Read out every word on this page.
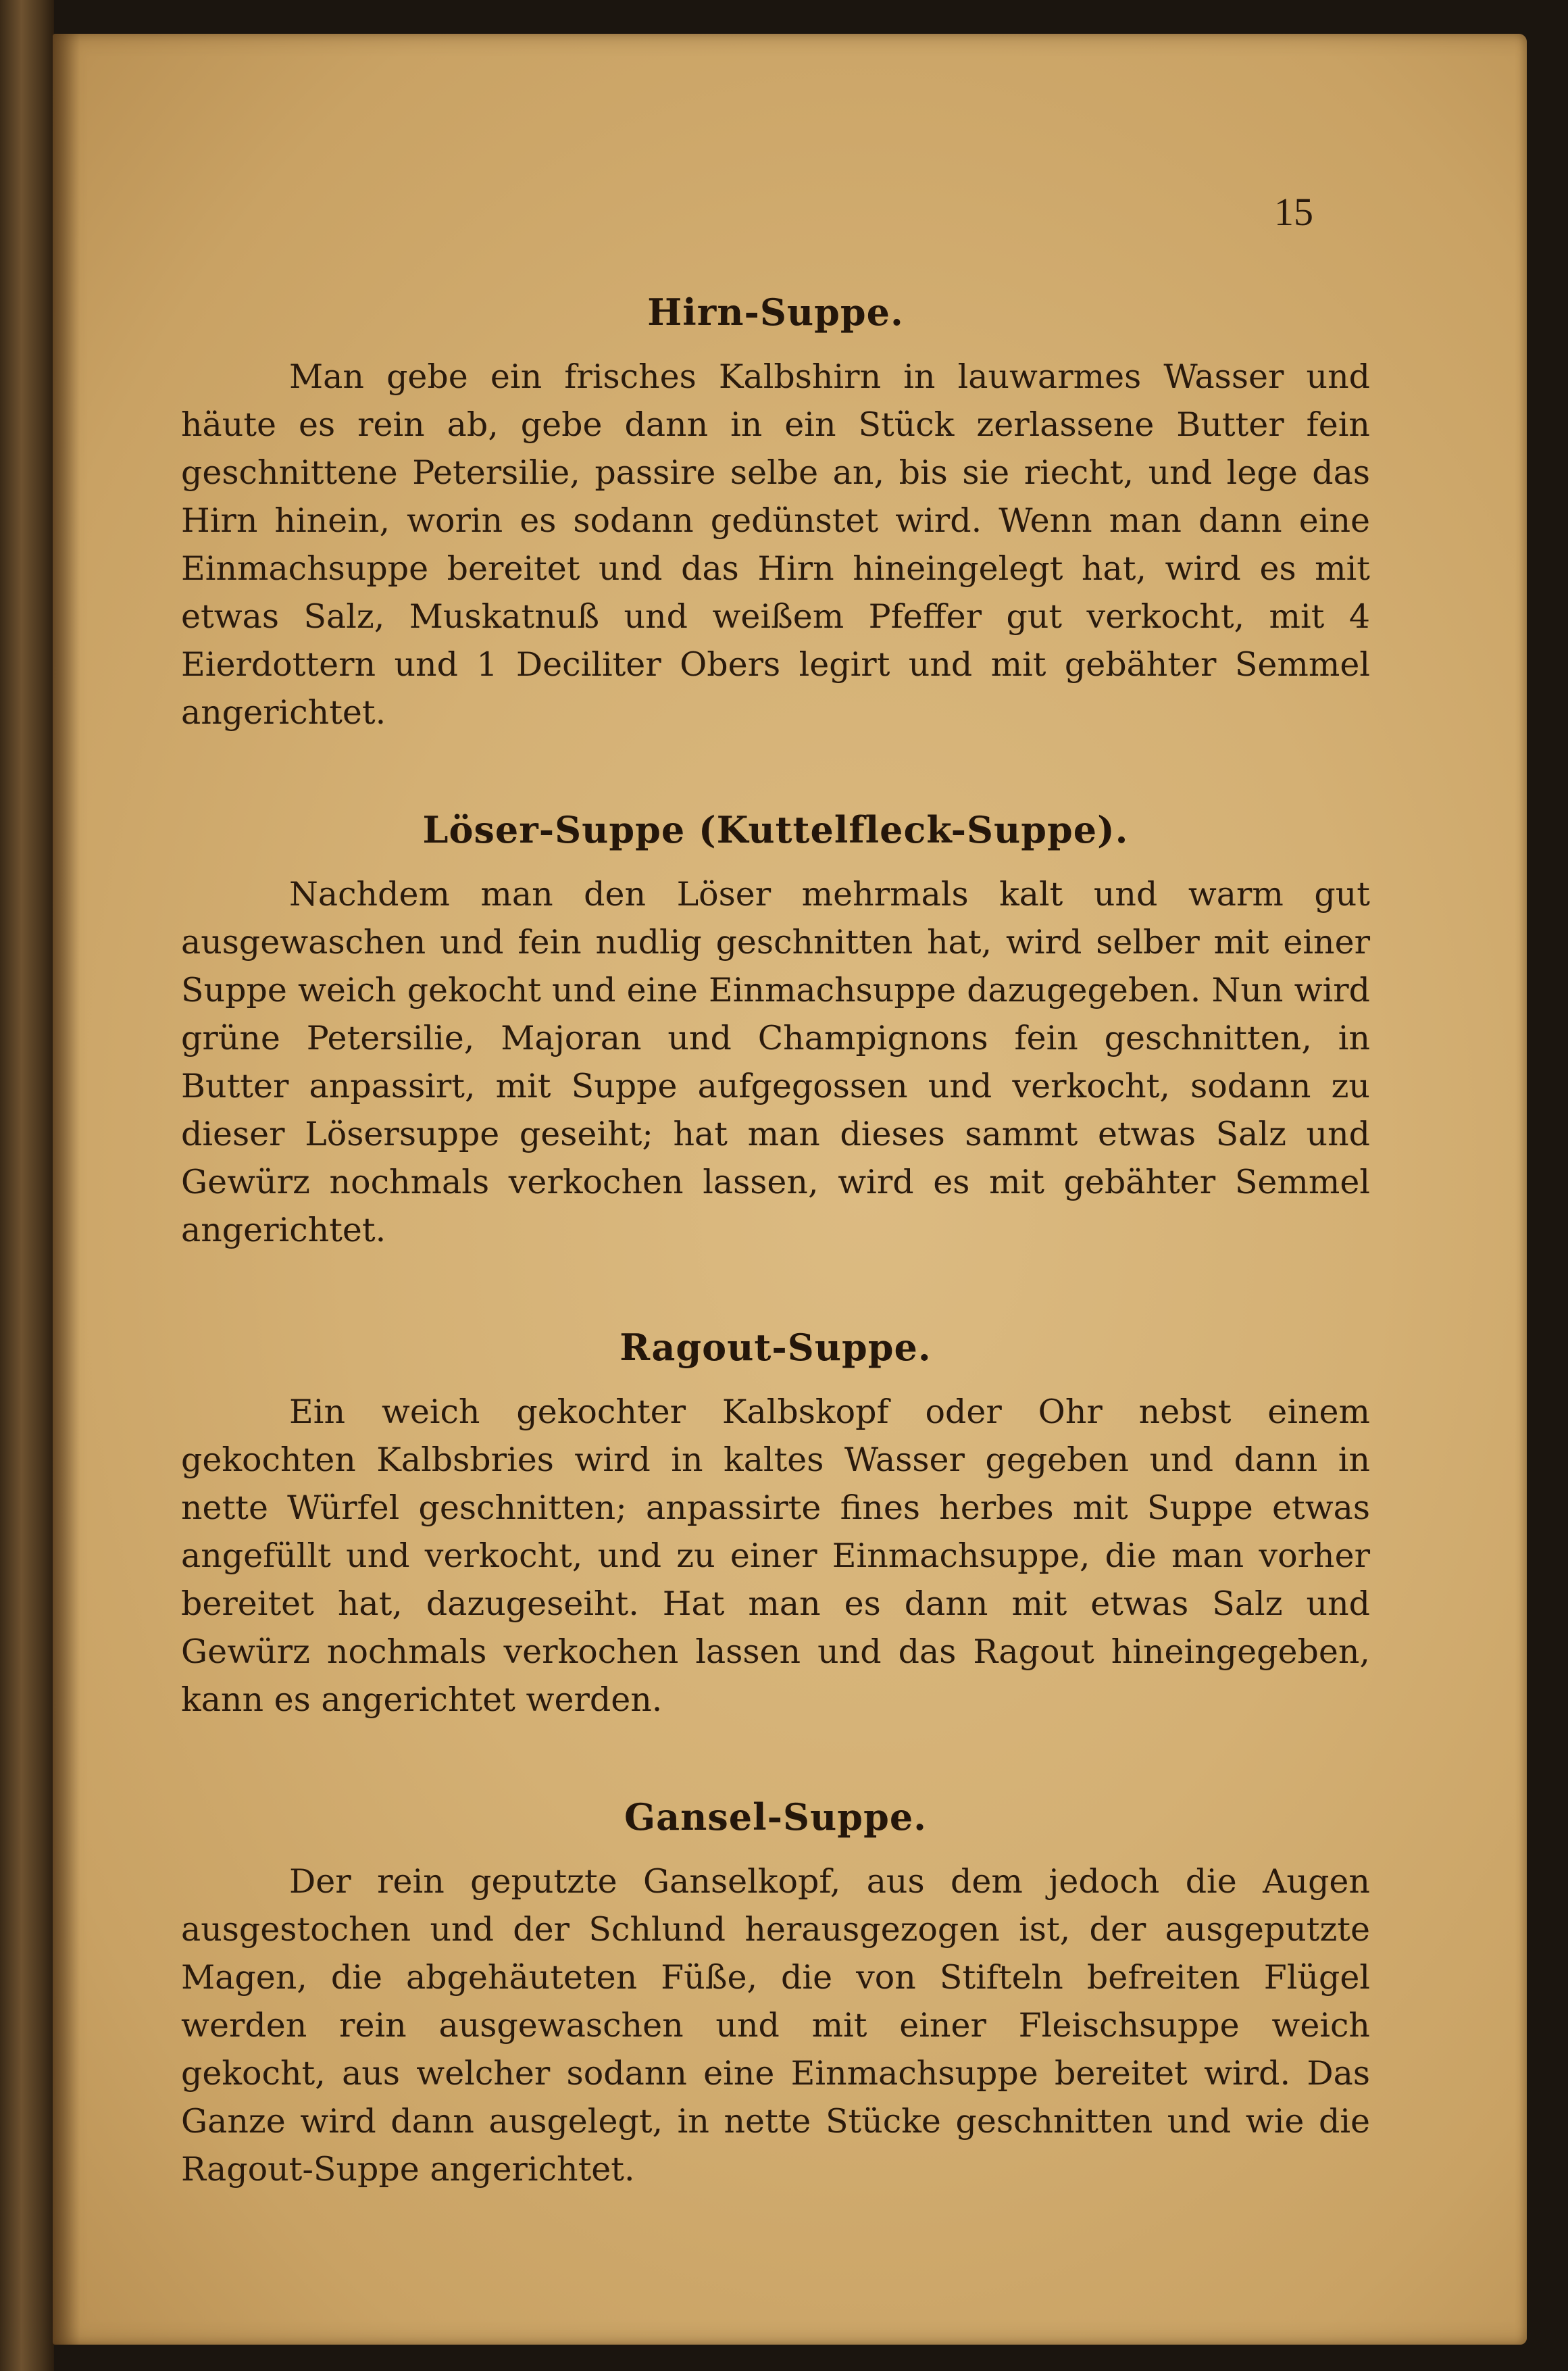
15
Hirn-Suppe.

Man gebe ein frisches Kalbshirn in lauwarmes Wasser und häute es rein ab, gebe dann in ein Stück zerlassene Butter fein geschnittene Petersilie, passire selbe an, bis sie riecht, und lege das Hirn hinein, worin es sodann gedünstet wird. Wenn man dann eine Einmachsuppe bereitet und das Hirn hineingelegt hat, wird es mit etwas Salz, Muskatnuß und weißem Pfeffer gut verkocht, mit 4 Eierdottern und 1 Deciliter Obers legirt und mit gebähter Semmel angerichtet.

Löser-Suppe (Kuttelfleck-Suppe).

Nachdem man den Löser mehrmals kalt und warm gut ausgewaschen und fein nudlig geschnitten hat, wird selber mit einer Suppe weich gekocht und eine Einmachsuppe dazugegeben. Nun wird grüne Petersilie, Majoran und Champignons fein geschnitten, in Butter anpassirt, mit Suppe aufgegossen und verkocht, sodann zu dieser Lösersuppe geseiht; hat man dieses sammt etwas Salz und Gewürz nochmals verkochen lassen, wird es mit gebähter Semmel angerichtet.

Ragout-Suppe.

Ein weich gekochter Kalbskopf oder Ohr nebst einem gekochten Kalbsbries wird in kaltes Wasser gegeben und dann in nette Würfel geschnitten; anpassirte fines herbes mit Suppe etwas angefüllt und verkocht, und zu einer Einmachsuppe, die man vorher bereitet hat, dazugeseiht. Hat man es dann mit etwas Salz und Gewürz nochmals verkochen lassen und das Ragout hineingegeben, kann es angerichtet werden.

Gansel-Suppe.

Der rein geputzte Ganselkopf, aus dem jedoch die Augen ausgestochen und der Schlund herausgezogen ist, der ausgeputzte Magen, die abgehäuteten Füße, die von Stifteln befreiten Flügel werden rein ausgewaschen und mit einer Fleischsuppe weich gekocht, aus welcher sodann eine Einmachsuppe bereitet wird. Das Ganze wird dann ausgelegt, in nette Stücke geschnitten und wie die Ragout-Suppe angerichtet.
